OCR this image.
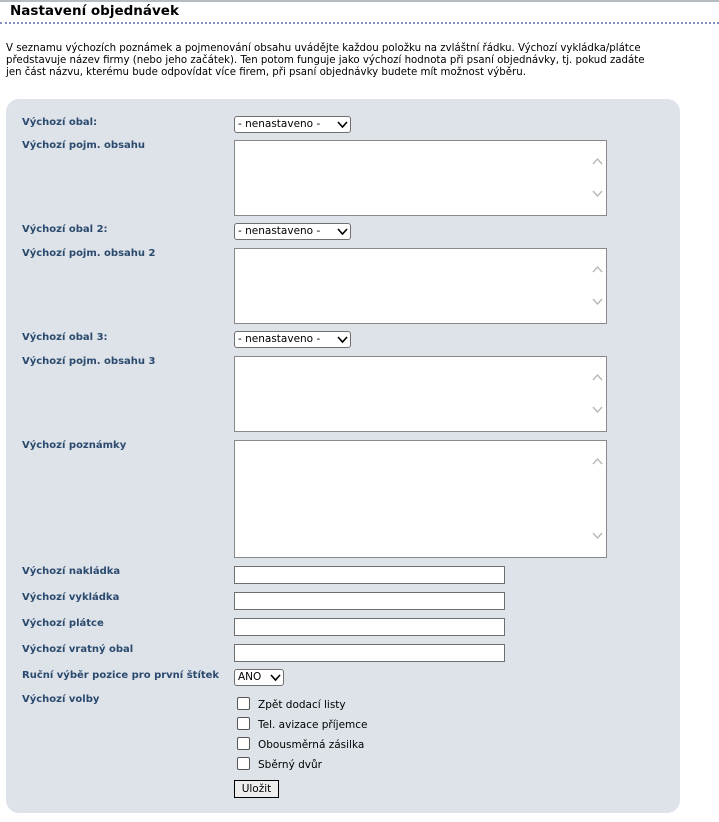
Nastavení objednávek
V seznamu výchozích poznámek a pojmenování obsahu uvádějte každou položku na zvláštní řádku. Výchozí vykládka/plátce
představuje název firmy (nebo jeho začátek). Ten potom funguje jako výchozí hodnota při psaní objednávky, tj. pokud zadáte
jen část názvu, kterému bude odpovídat více firem, při psaní objednávky budete mít možnost výběru.
Výchozí obal:	- nenastaveno -
Výchozí pojm. obsahu
Výchozí obal 2:	- nenastaveno -
Výchozí pojm. obsahu 2
Výchozí obal 3:	- nenastaveno -
Výchozí pojm. obsahu 3
Výchozí poznámky
Výchozí nakládka
Výchozí vykládka
Výchozí plátce
Výchozí vratný obal
Ruční výběr pozice pro první štítek	ANO
Výchozí volby	Zpět dodací listy
Tel. avizace příjemce
Obousměrná zásilka
Sběrný dvůr
Uložit
